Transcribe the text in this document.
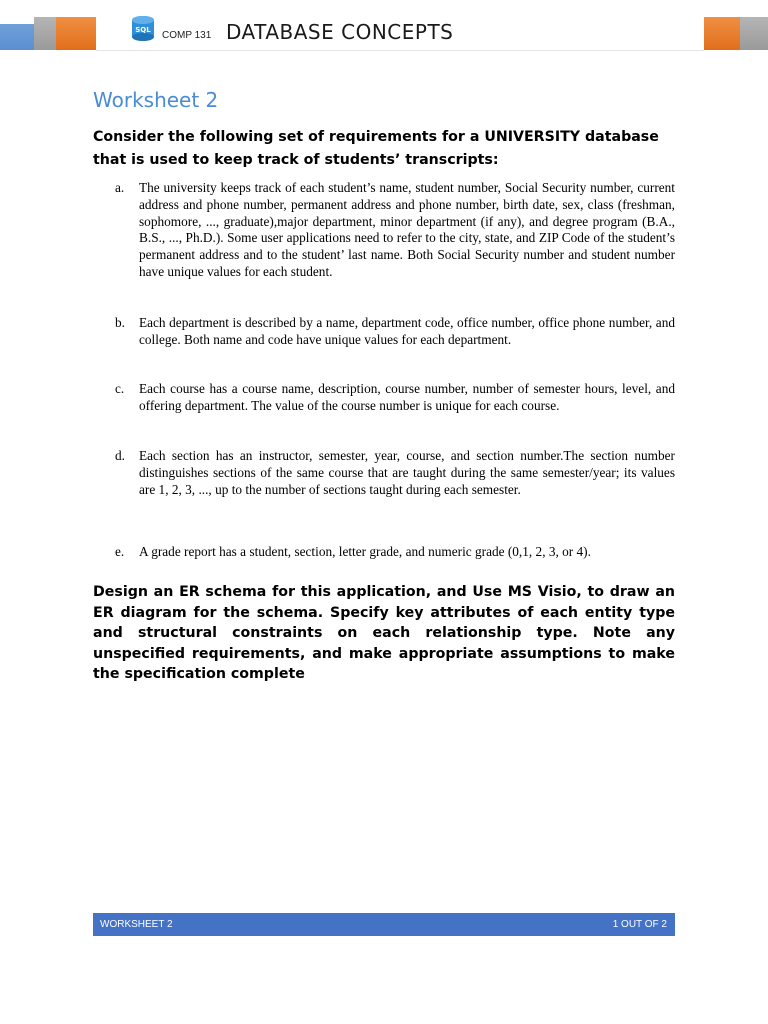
SQL COMP 131 DATABASE CONCEPTS
Worksheet 2

Consider the following set of requirements for a UNIVERSITY database that is used to keep track of students’ transcripts:

a. The university keeps track of each student’s name, student number, Social Security number, current address and phone number, permanent address and phone number, birth date, sex, class (freshman, sophomore, ..., graduate),major department, minor department (if any), and degree program (B.A., B.S., ..., Ph.D.). Some user applications need to refer to the city, state, and ZIP Code of the student’s permanent address and to the student’ last name. Both Social Security number and student number have unique values for each student.
b. Each department is described by a name, department code, office number, office phone number, and college. Both name and code have unique values for each department.
c. Each course has a course name, description, course number, number of semester hours, level, and offering department. The value of the course number is unique for each course.
d. Each section has an instructor, semester, year, course, and section number.The section number distinguishes sections of the same course that are taught during the same semester/year; its values are 1, 2, 3, ..., up to the number of sections taught during each semester.
e. A grade report has a student, section, letter grade, and numeric grade (0,1, 2, 3, or 4).

Design an ER schema for this application, and Use MS Visio, to draw an ER diagram for the schema. Specify key attributes of each entity type and structural constraints on each relationship type. Note any unspecified requirements, and make appropriate assumptions to make the specification complete

WORKSHEET 2	1 OUT OF 2
